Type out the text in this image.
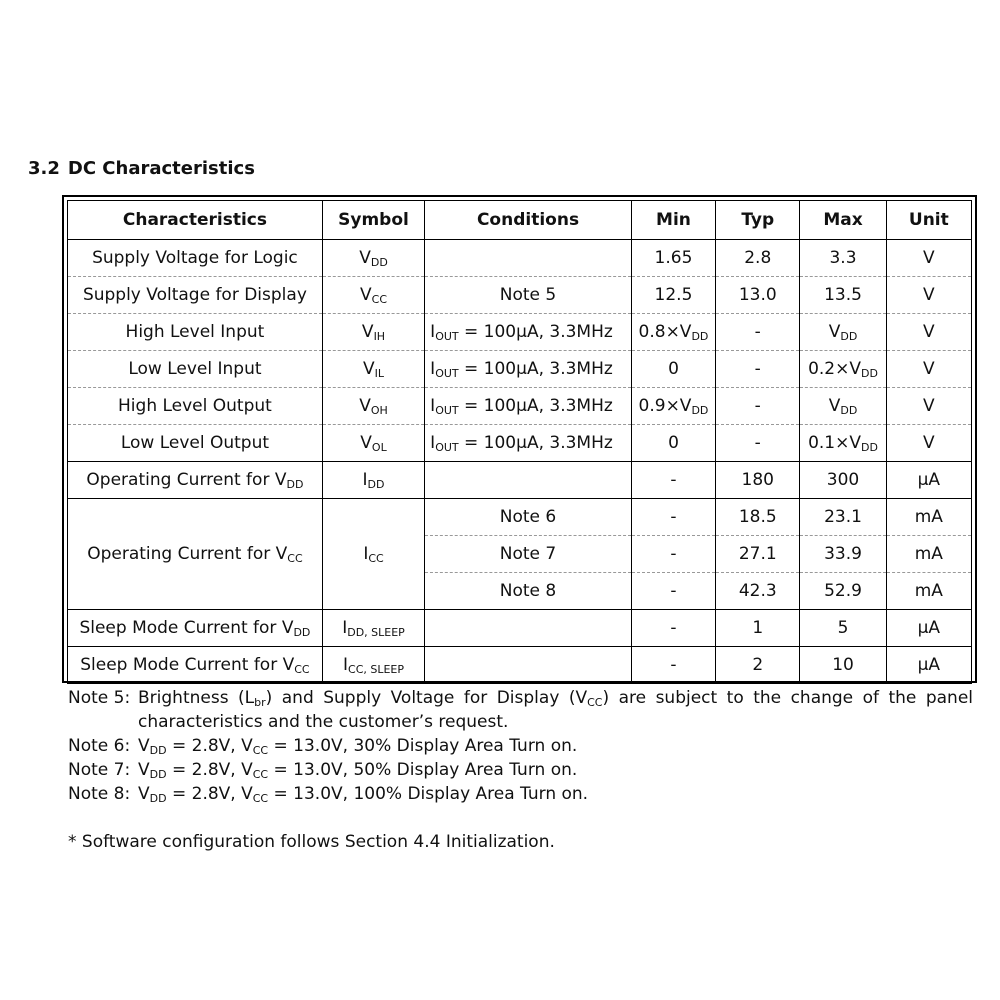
3.2 DC Characteristics
Characteristics	Symbol	Conditions	Min	Typ	Max	Unit
Supply Voltage for Logic	$V_{DD}$		1.65	2.8	3.3	V
Supply Voltage for Display	$V_{CC}$	Note 5	12.5	13.0	13.5	V
High Level Input	$V_{IH}$	$I_{OUT} = 100\mu A$, 3.3MHz	$0.8\times V_{DD}$	-	$V_{DD}$	V
Low Level Input	$V_{IL}$	$I_{OUT} = 100\mu A$, 3.3MHz	0	-	$0.2\times V_{DD}$	V
High Level Output	$V_{OH}$	$I_{OUT} = 100\mu A$, 3.3MHz	$0.9\times V_{DD}$	-	$V_{DD}$	V
Low Level Output	$V_{OL}$	$I_{OUT} = 100\mu A$, 3.3MHz	0	-	$0.1\times V_{DD}$	V
Operating Current for $V_{DD}$	$I_{DD}$		-	180	300	μA
Operating Current for $V_{CC}$	$I_{CC}$	Note 6	-	18.5	23.1	mA
		Note 7	-	27.1	33.9	mA
		Note 8	-	42.3	52.9	mA
Sleep Mode Current for $V_{DD}$	$I_{DD, SLEEP}$		-	1	5	μA
Sleep Mode Current for $V_{CC}$	$I_{CC, SLEEP}$		-	2	10	μA
Note 5: Brightness $(L_{br})$ and Supply Voltage for Display $(V_{CC})$ are subject to the change of the panel characteristics and the customer’s request.
Note 6: $V_{DD} = 2.8V$, $V_{CC} = 13.0V$, 30% Display Area Turn on.
Note 7: $V_{DD} = 2.8V$, $V_{CC} = 13.0V$, 50% Display Area Turn on.
Note 8: $V_{DD} = 2.8V$, $V_{CC} = 13.0V$, 100% Display Area Turn on.
* Software configuration follows Section 4.4 Initialization.
